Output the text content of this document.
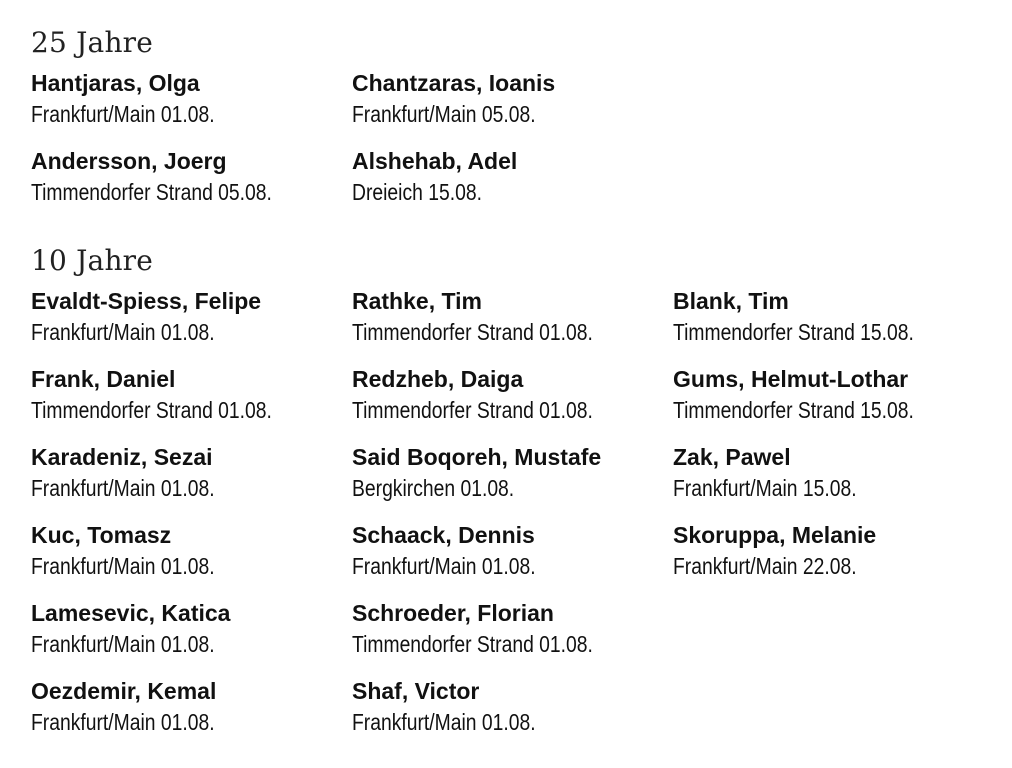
25 Jahre
Hantjaras, Olga
Frankfurt/Main 01.08.
Chantzaras, Ioanis
Frankfurt/Main 05.08.
Andersson, Joerg
Timmendorfer Strand 05.08.
Alshehab, Adel
Dreieich 15.08.
10 Jahre
Evaldt-Spiess, Felipe
Frankfurt/Main 01.08.
Frank, Daniel
Timmendorfer Strand 01.08.
Karadeniz, Sezai
Frankfurt/Main 01.08.
Kuc, Tomasz
Frankfurt/Main 01.08.
Lamesevic, Katica
Frankfurt/Main 01.08.
Oezdemir, Kemal
Frankfurt/Main 01.08.
Rathke, Tim
Timmendorfer Strand 01.08.
Redzheb, Daiga
Timmendorfer Strand 01.08.
Said Boqoreh, Mustafe
Bergkirchen 01.08.
Schaack, Dennis
Frankfurt/Main 01.08.
Schroeder, Florian
Timmendorfer Strand 01.08.
Shaf, Victor
Frankfurt/Main 01.08.
Blank, Tim
Timmendorfer Strand 15.08.
Gums, Helmut-Lothar
Timmendorfer Strand 15.08.
Zak, Pawel
Frankfurt/Main 15.08.
Skoruppa, Melanie
Frankfurt/Main 22.08.
